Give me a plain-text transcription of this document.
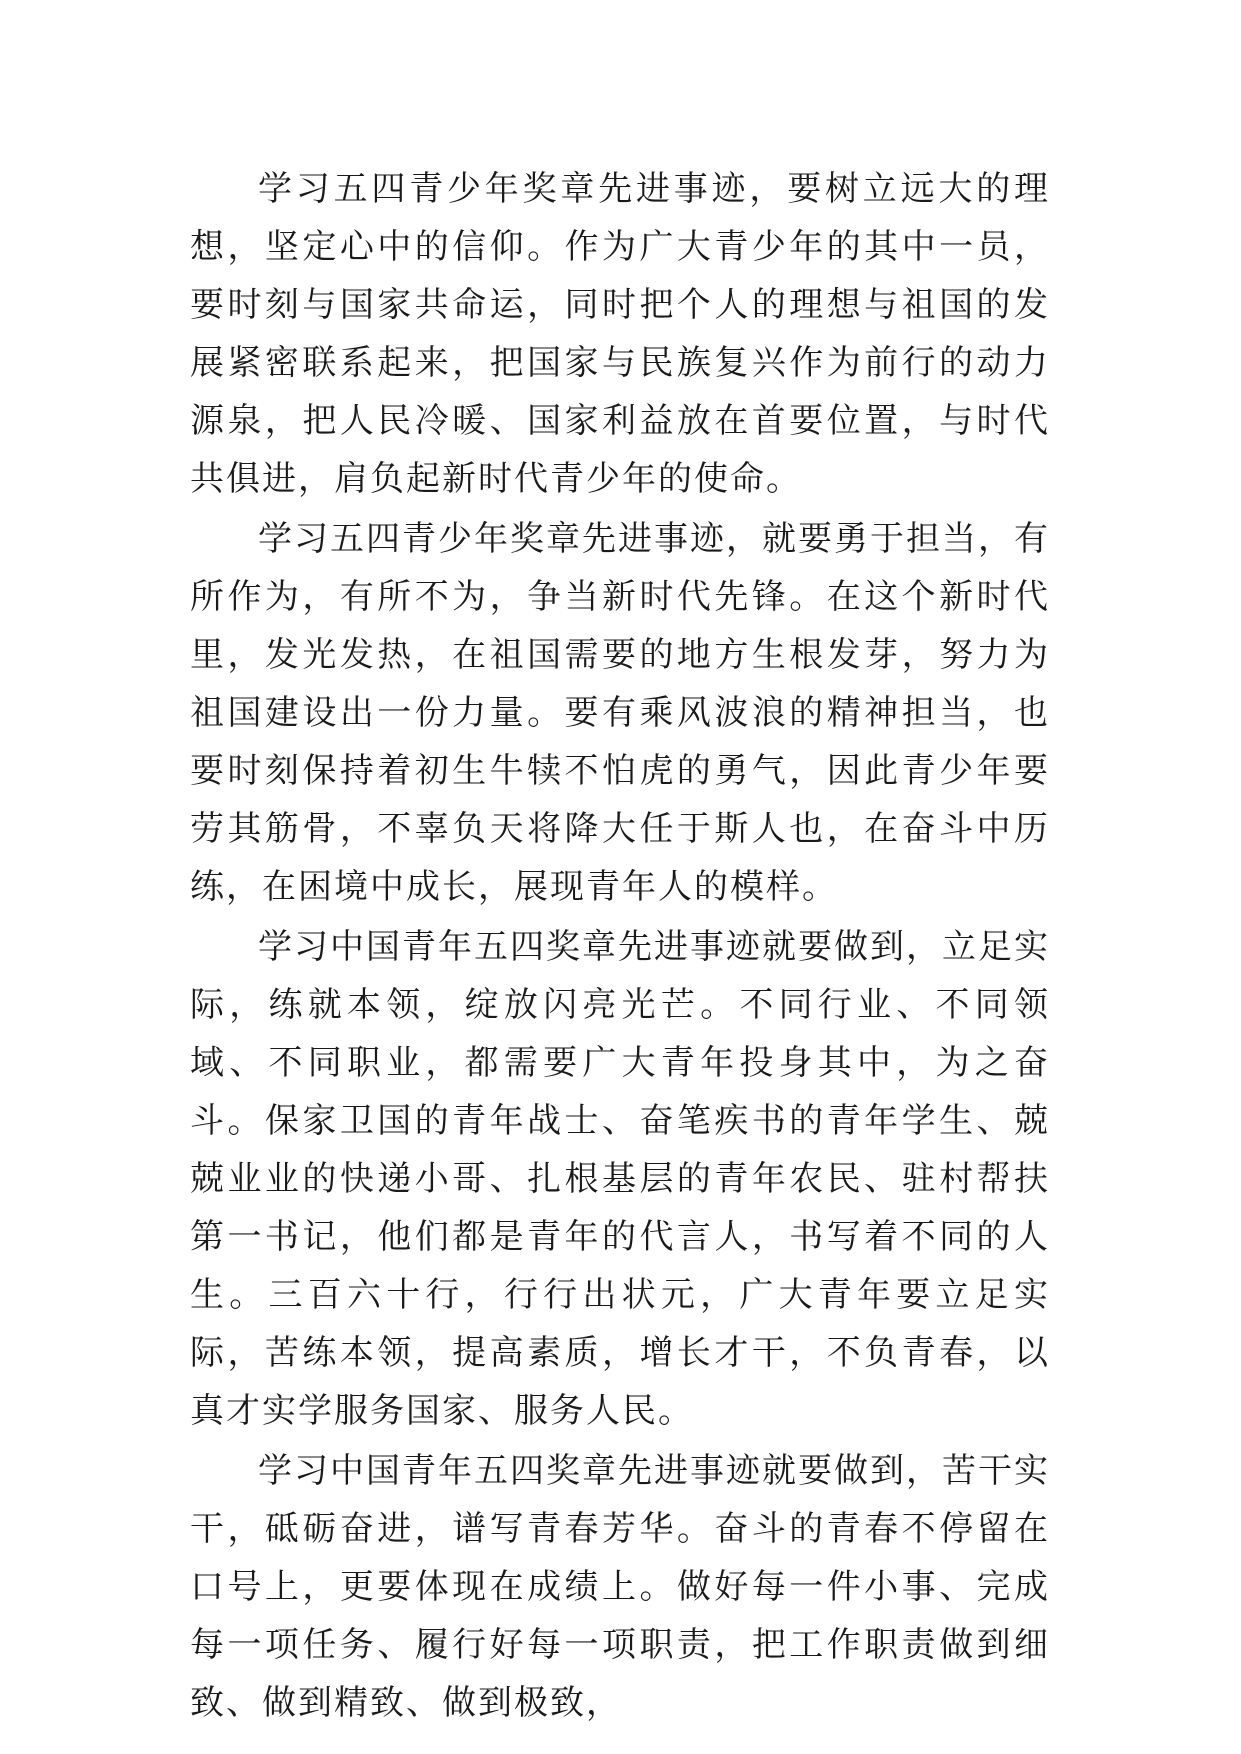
学习五四青少年奖章先进事迹，要树立远大的理想，坚定心中的信仰。作为广大青少年的其中一员，要时刻与国家共命运，同时把个人的理想与祖国的发展紧密联系起来，把国家与民族复兴作为前行的动力源泉，把人民冷暖、国家利益放在首要位置，与时代共俱进，肩负起新时代青少年的使命。

学习五四青少年奖章先进事迹，就要勇于担当，有所作为，有所不为，争当新时代先锋。在这个新时代里，发光发热，在祖国需要的地方生根发芽，努力为祖国建设出一份力量。要有乘风波浪的精神担当，也要时刻保持着初生牛犊不怕虎的勇气，因此青少年要劳其筋骨，不辜负天将降大任于斯人也，在奋斗中历练，在困境中成长，展现青年人的模样。

学习中国青年五四奖章先进事迹就要做到，立足实际，练就本领，绽放闪亮光芒。不同行业、不同领域、不同职业，都需要广大青年投身其中，为之奋斗。保家卫国的青年战士、奋笔疾书的青年学生、兢兢业业的快递小哥、扎根基层的青年农民、驻村帮扶第一书记，他们都是青年的代言人，书写着不同的人生。三百六十行，行行出状元，广大青年要立足实际，苦练本领，提高素质，增长才干，不负青春，以真才实学服务国家、服务人民。

学习中国青年五四奖章先进事迹就要做到，苦干实干，砥砺奋进，谱写青春芳华。奋斗的青春不停留在口号上，更要体现在成绩上。做好每一件小事、完成每一项任务、履行好每一项职责，把工作职责做到细致、做到精致、做到极致，
